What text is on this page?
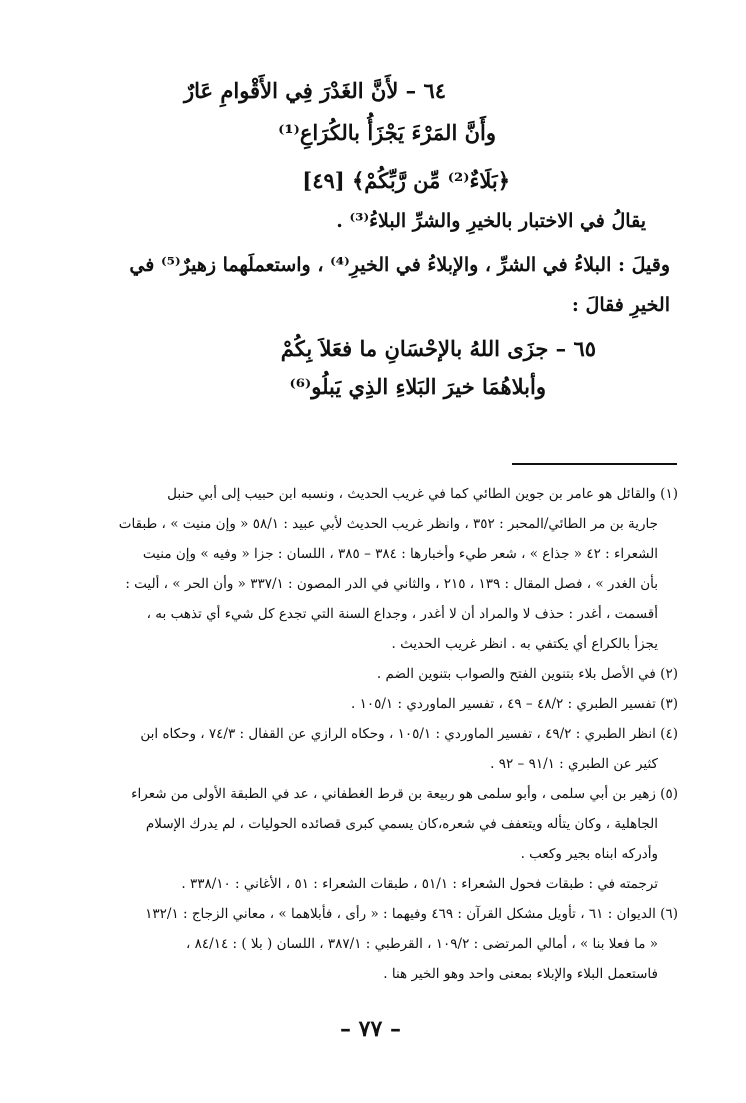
٦٤ – لأَنَّ الغَدْرَ فِي الأَقْوامِ عَارٌ
وأَنَّ المَرْءَ يَجْزَأُ بالكُرَاعِ⁽¹⁾
﴿بَلَاءٌ⁽²⁾ مِّن رَّبِّكُمْ﴾ [٤٩]
يقالُ في الاختبار بالخيرِ والشرِّ البلاءُ⁽³⁾ .
وقيلَ : البلاءُ في الشرِّ ، والإبلاءُ في الخيرِ⁽⁴⁾ ، واستعملَهما زهيرٌ⁽⁵⁾ في
الخيرِ فقالَ :
٦٥ – جزَى اللهُ بالإحْسَانِ ما فعَلاَ بِكُمْ
وأبلاهُمَا خيرَ البَلاءِ الذِي يَبلُو⁽⁶⁾
(١) والقائل هو عامر بن جوين الطائي كما في غريب الحديث ، ونسبه ابن حبيب إلى أبي حنبل
جارية بن مر الطائي/المحبر : ٣٥٢ ، وانظر غريب الحديث لأبي عبيد : ٥٨/١ « وإن منيت » ، طبقات
الشعراء : ٤٢ « جذاع » ، شعر طيء وأخبارها : ٣٨٤ – ٣٨٥ ، اللسان : جزا « وفيه » وإن منيت
بأن الغدر » ، فصل المقال : ١٣٩ ، ٢١٥ ، والثاني في الدر المصون : ٣٣٧/١ « وأن الحر » ، أليت :
أقسمت ، أغدر : حذف لا والمراد أن لا أغدر ، وجداع السنة التي تجدع كل شيء أي تذهب به ،
يجزأ بالكراع أي يكتفي به . انظر غريب الحديث .
(٢) في الأصل بلاء بتنوين الفتح والصواب بتنوين الضم .
(٣) تفسير الطبري : ٤٨/٢ – ٤٩ ، تفسير الماوردي : ١٠٥/١ .
(٤) انظر الطبري : ٤٩/٢ ، تفسير الماوردي : ١٠٥/١ ، وحكاه الرازي عن القفال : ٧٤/٣ ، وحكاه ابن
كثير عن الطبري : ٩١/١ – ٩٢ .
(٥) زهير بن أبي سلمى ، وأبو سلمى هو ربيعة بن قرط الغطفاني ، عد في الطبقة الأولى من شعراء
الجاهلية ، وكان يتأله ويتعفف في شعره،كان يسمي كبرى قصائده الحوليات ، لم يدرك الإسلام
وأدركه ابناه بجير وكعب .
ترجمته في : طبقات فحول الشعراء : ٥١/١ ، طبقات الشعراء : ٥١ ، الأغاني : ٣٣٨/١٠ .
(٦) الديوان : ٦١ ، تأويل مشكل القرآن : ٤٦٩ وفيهما : « رأى ، فأبلاهما » ، معاني الزجاج : ١٣٢/١
« ما فعلا بنا » ، أمالي المرتضى : ١٠٩/٢ ، القرطبي : ٣٨٧/١ ، اللسان ( بلا ) : ٨٤/١٤ ،
فاستعمل البلاء والإبلاء بمعنى واحد وهو الخير هنا .
– ٧٧ –
